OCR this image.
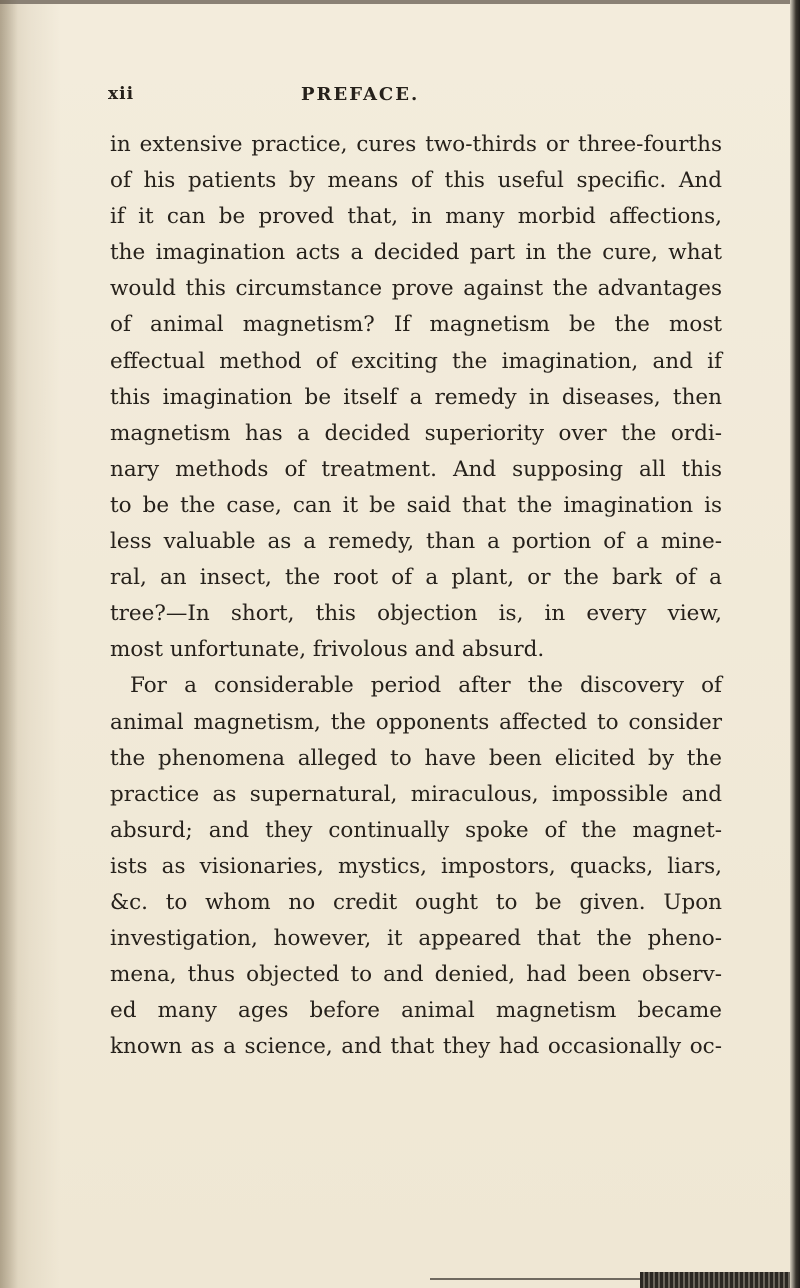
xii	PREFACE.
in extensive practice, cures two-thirds or three-fourths
of his patients by means of this useful specific. And
if it can be proved that, in many morbid affections,
the imagination acts a decided part in the cure, what
would this circumstance prove against the advantages
of animal magnetism? If magnetism be the most
effectual method of exciting the imagination, and if
this imagination be itself a remedy in diseases, then
magnetism has a decided superiority over the ordi-
nary methods of treatment. And supposing all this
to be the case, can it be said that the imagination is
less valuable as a remedy, than a portion of a mine-
ral, an insect, the root of a plant, or the bark of a
tree?—In short, this objection is, in every view,
most unfortunate, frivolous and absurd.
For a considerable period after the discovery of
animal magnetism, the opponents affected to consider
the phenomena alleged to have been elicited by the
practice as supernatural, miraculous, impossible and
absurd; and they continually spoke of the magnet-
ists as visionaries, mystics, impostors, quacks, liars,
&c. to whom no credit ought to be given. Upon
investigation, however, it appeared that the pheno-
mena, thus objected to and denied, had been observ-
ed many ages before animal magnetism became
known as a science, and that they had occasionally oc-
